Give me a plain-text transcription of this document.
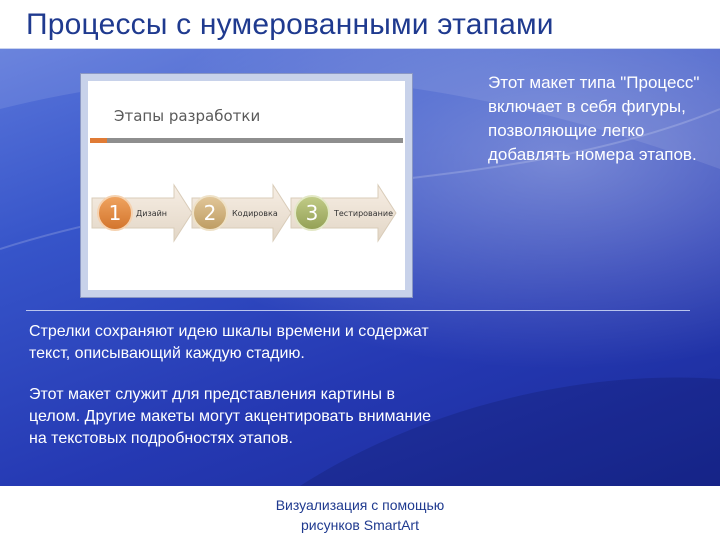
Процессы с нумерованными этапами
Этапы разработки
1 Дизайн 2 Кодировка 3 Тестирование

Этот макет типа "Процесс" включает в себя фигуры, позволяющие легко добавлять номера этапов.

Стрелки сохраняют идею шкалы времени и содержат текст, описывающий каждую стадию.

Этот макет служит для представления картины в целом. Другие макеты могут акцентировать внимание на текстовых подробностях этапов.

Визуализация с помощью
рисунков SmartArt
